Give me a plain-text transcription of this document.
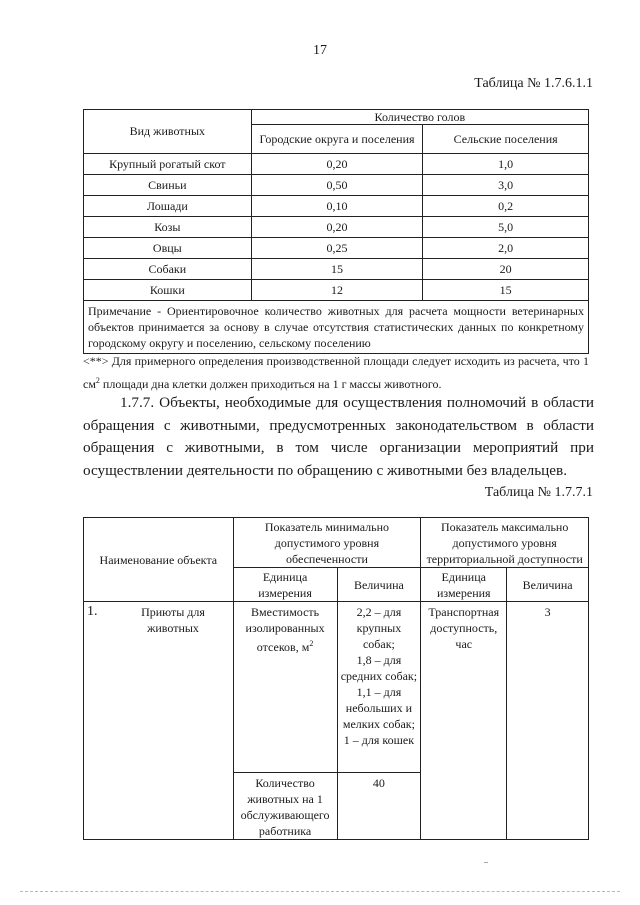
17
Таблица № 1.7.6.1.1
Вид животных	Количество голов	
	Городские округа и поселения	Сельские поселения
Крупный рогатый скот	0,20	1,0
Свиньи	0,50	3,0
Лошади	0,10	0,2
Козы	0,20	5,0
Овцы	0,25	2,0
Собаки	15	20
Кошки	12	15
Примечание - Ориентировочное количество животных для расчета мощности ветеринарных объектов принимается за основу в случае отсутствия статистических данных по конкретному городскому округу и поселению, сельскому поселению		
<**> Для примерного определения производственной площади следует исходить из расчета, что 1 $см^2$ площади дна клетки должен приходиться на 1 г массы животного.
1.7.7. Объекты, необходимые для осуществления полномочий в области обращения с животными, предусмотренных законодательством в области обращения с животными, в том числе организации мероприятий при осуществлении деятельности по обращению с животными без владельцев.
Таблица № 1.7.7.1
Наименование объекта	Показатель минимально допустимого уровня обеспеченности		Показатель максимально допустимого уровня территориальной доступности	
	Единица измерения	Величина	Единица измерения	Величина
1. Приюты для животных	Вместимость изолированных отсеков, $м^2$	2,2 – для крупных собак;
1,8 – для средних собак;
1,1 – для небольших и мелких собак;
1 – для кошек	Транспортная доступность, час	3
	Количество животных на 1 обслуживающего работника	40		
